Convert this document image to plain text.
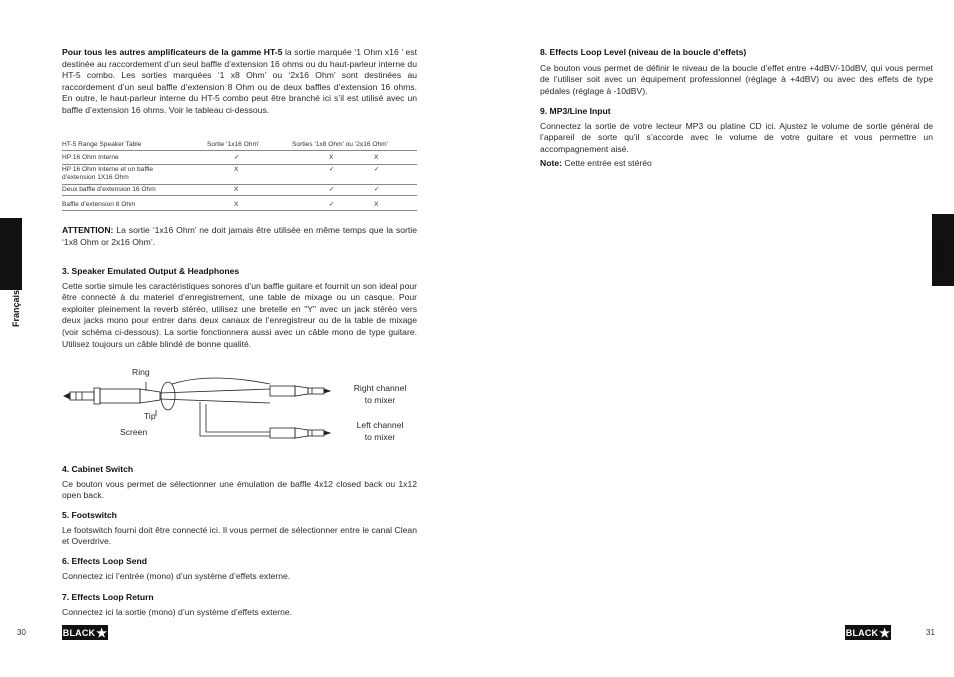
Français
Français

Pour tous les autres amplificateurs de la gamme HT-5 la sortie marquée ‘1 Ohm x16 ’ est destinée au raccordement d’un seul baffle d’extension 16 ohms ou du haut-parleur interne du HT-5 combo. Les sorties marquées ‘1 x8 Ohm’ ou ‘2x16 Ohm’ sont destinées au raccordement d’un seul baffle d’extension 8 Ohm ou de deux baffles d’extension 16 ohms. En outre, le haut-parleur interne du HT-5 combo peut être branché ici s’il est utilisé avec un baffle d’extension 16 ohms. Voir le tableau ci-dessous.

HT-5 Range Speaker Table	Sortie ‘1x16 Ohm’	Sorties ‘1x8 Ohm’ ou ‘2x16 Ohm’
HP 16 Ohm Interne	✓	X	X
HP 16 Ohm Interne et un baffle d’extension 1X16 Ohm	X	✓	✓
Deux baffle d’extension 16 Ohm	X	✓	✓
Baffle d’extension 8 Ohm	X	✓	X

ATTENTION: La sortie ‘1x16 Ohm’ ne doit jamais être utilisée en même temps que la sortie ‘1x8 Ohm or 2x16 Ohm’.

3. Speaker Emulated Output & Headphones

Cette sortie simule les caractéristiques sonores d’un baffle guitare et fournit un son ideal pour être connecté à du materiel d’enregistrement, une table de mixage ou un casque. Pour exploiter pleinement la reverb stéréo, utilisez une bretelle en "Y" avec un jack stéréo vers deux jacks mono pour entrer dans deux canaux de l’enregistreur ou de la table de mixage (voir schéma ci-dessous). La sortie fonctionnera aussi avec un câble mono de type guitare. Utilisez toujours un câble blindé de bonne qualité.

Ring
Tip
Screen
Right channel
to mixer
Left channel
to mixer
4. Cabinet Switch

Ce bouton vous permet de sélectionner une émulation de baffle 4x12 closed back ou 1x12 open back.

5. Footswitch

Le footswitch fourni doit être connecté ici. Il vous permet de sélectionner entre le canal Clean et Overdrive.

6. Effects Loop Send

Connectez ici l’entrée (mono) d’un système d’effets externe.

7. Effects Loop Return

Connectez ici la sortie (mono) d’un système d’effets externe.

8. Effects Loop Level (niveau de la boucle d’effets)

Ce bouton vous permet de définir le niveau de la boucle d’effet entre +4dBV/-10dBV, qui vous permet de l’utiliser soit avec un équipement professionnel (réglage à +4dBV) ou avec des effets de type pédales (réglage à -10dBV).

9. MP3/Line Input

Connectez la sortie de votre lecteur MP3 ou platine CD ici. Ajustez le volume de sortie général de l’appareil de sorte qu’il s’accorde avec le volume de votre guitare et vous permettre un accompagnement aisé.

Note: Cette entrée est stéréo

30	BLACK ★	BLACK ★	31
